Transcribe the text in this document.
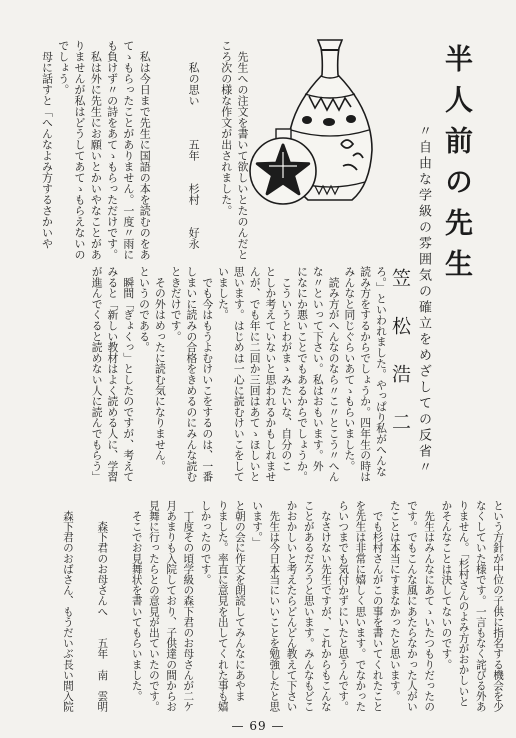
半人前の先生
〃自由な学級の雰囲気の確立をめざしての反省〃
笠松浩二
　先生への注文を書いて欲しいとたのんだと
ころ次の様な作文が出されました。
　　私の思い　　　五年　　杉村　　好永
　私は今日まで先生に国語の本を読むのをあ
てゝもらったことがありません。一度〃雨に
も負けず〃の詩をあてゝもらっただけです。
　私は外に先生にお願いとかいやなことがあ
りませんが私はどうしてあてゝもらえないの
でしょう。
　母に話すと「へんなよみ方するさかいや
ろ。」といわれました。やっぱり私がへんな
読み方をするからでしょうか。四年生の時は
みんなと同じぐらいあてゝもらいました。
　読み方がへんなのなら〃こ〃とこう〃へん
な〃といって下さい。私はおもいます。外
になにか悪いことでもあるからでしょうか。
　こういうとわがまゝみたいな、自分のこ
としか考えていないと思われるかもしれませ
んが、でも年に二回か三回はあてゝほしいと
思います。はじめは一心に読むけいこをして
いました。
　でも今はもうよむけいこをするのは、一番
しまいに読みの合格をきめるのにみんな読む
ときだけです。
　その外はめったに読む気になりません。
というのである。
　瞬間「ぎょくっ」としたのですが、考えて
みると「新しい教材はよく読める人に、学習
が進んでくると読めない人に読んでもらう」
という方針が中位の子供に指名する機会を少
なくしていた様です。一言もなく詫びる外あ
りません。「杉村さんのよみ方がおかしいと
かそんなことは決してないのです。
　先生はみんなにあてゝいたつもりだったの
です。でもこんな風にあたらなかった人がい
たことは本当にすまなかったと思います。
　でも杉村さんがこの事を書いてくれたこと
を先生は非常に嬉しく思います。でなかった
らいつまでも気付かずにいたと思うんです。
　なさけない先生ですが、これからもこんな
ことがあるだろうと思います。みんなもどこ
かおかしいと考えたらどんどん教えて下さい
　先生は今日本当にいいことを勉強したと思
います。」
と朝の会に作文を朗読してみんなにあやま
りました。率直に意見を出してくれた事も嬉
しかったのです。
　丁度その頃学級の森下君のお母さんが二ケ
月あまりも入院しており、子供達の間からお
見舞に行ったらとの意見が出ていたのです。
　そこでお見舞状を書いてもらいました。
　　森下君のお母さんへ　　五年　南　雲明
　森下君のおばさん、もうだいぶ長い間入院
— 69 —
